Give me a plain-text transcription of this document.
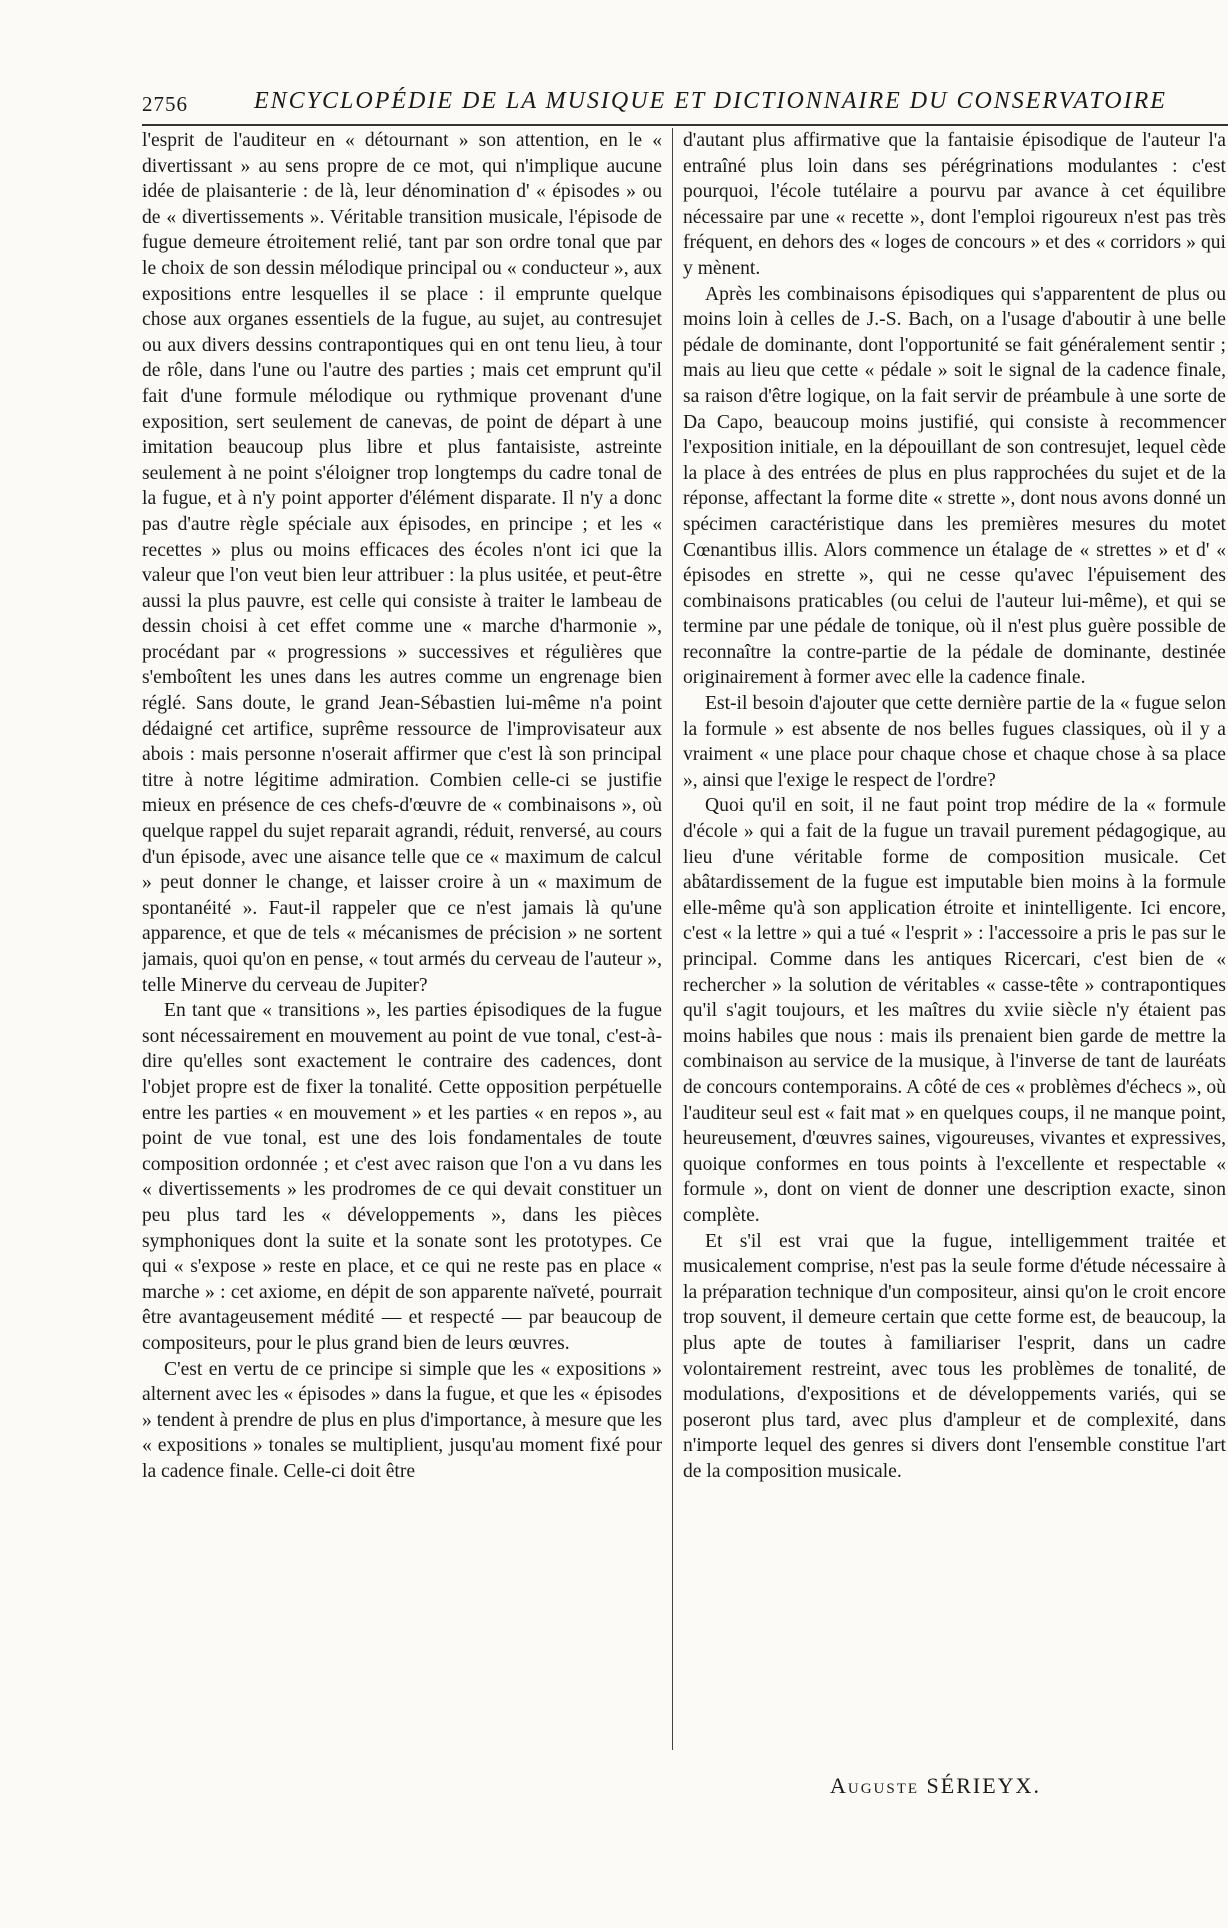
2756	ENCYCLOPÉDIE DE LA MUSIQUE ET DICTIONNAIRE DU CONSERVATOIRE

l'esprit de l'auditeur en « détournant » son attention, en le « divertissant » au sens propre de ce mot, qui n'implique aucune idée de plaisanterie : de là, leur dénomination d' « épisodes » ou de « divertissements ». Véritable transition musicale, l'épisode de fugue demeure étroitement relié, tant par son ordre tonal que par le choix de son dessin mélodique principal ou « conducteur », aux expositions entre lesquelles il se place : il emprunte quelque chose aux organes essentiels de la fugue, au sujet, au contresujet ou aux divers dessins contrapontiques qui en ont tenu lieu, à tour de rôle, dans l'une ou l'autre des parties ; mais cet emprunt qu'il fait d'une formule mélodique ou rythmique provenant d'une exposition, sert seulement de canevas, de point de départ à une imitation beaucoup plus libre et plus fantaisiste, astreinte seulement à ne point s'éloigner trop longtemps du cadre tonal de la fugue, et à n'y point apporter d'élément disparate. Il n'y a donc pas d'autre règle spéciale aux épisodes, en principe ; et les « recettes » plus ou moins efficaces des écoles n'ont ici que la valeur que l'on veut bien leur attribuer : la plus usitée, et peut-être aussi la plus pauvre, est celle qui consiste à traiter le lambeau de dessin choisi à cet effet comme une « marche d'harmonie », procédant par « progressions » successives et régulières que s'emboîtent les unes dans les autres comme un engrenage bien réglé. Sans doute, le grand Jean-Sébastien lui-même n'a point dédaigné cet artifice, suprême ressource de l'improvisateur aux abois : mais personne n'oserait affirmer que c'est là son principal titre à notre légitime admiration. Combien celle-ci se justifie mieux en présence de ces chefs-d'œuvre de « combinaisons », où quelque rappel du sujet reparait agrandi, réduit, renversé, au cours d'un épisode, avec une aisance telle que ce « maximum de calcul » peut donner le change, et laisser croire à un « maximum de spontanéité ». Faut-il rappeler que ce n'est jamais là qu'une apparence, et que de tels « mécanismes de précision » ne sortent jamais, quoi qu'on en pense, « tout armés du cerveau de l'auteur », telle Minerve du cerveau de Jupiter?

En tant que « transitions », les parties épisodiques de la fugue sont nécessairement en mouvement au point de vue tonal, c'est-à-dire qu'elles sont exactement le contraire des cadences, dont l'objet propre est de fixer la tonalité. Cette opposition perpétuelle entre les parties « en mouvement » et les parties « en repos », au point de vue tonal, est une des lois fondamentales de toute composition ordonnée ; et c'est avec raison que l'on a vu dans les « divertissements » les prodromes de ce qui devait constituer un peu plus tard les « développements », dans les pièces symphoniques dont la suite et la sonate sont les prototypes. Ce qui « s'expose » reste en place, et ce qui ne reste pas en place « marche » : cet axiome, en dépit de son apparente naïveté, pourrait être avantageusement médité — et respecté — par beaucoup de compositeurs, pour le plus grand bien de leurs œuvres.

C'est en vertu de ce principe si simple que les « expositions » alternent avec les « épisodes » dans la fugue, et que les « épisodes » tendent à prendre de plus en plus d'importance, à mesure que les « expositions » tonales se multiplient, jusqu'au moment fixé pour la cadence finale. Celle-ci doit être

d'autant plus affirmative que la fantaisie épisodique de l'auteur l'a entraîné plus loin dans ses pérégrinations modulantes : c'est pourquoi, l'école tutélaire a pourvu par avance à cet équilibre nécessaire par une « recette », dont l'emploi rigoureux n'est pas très fréquent, en dehors des « loges de concours » et des « corridors » qui y mènent.

Après les combinaisons épisodiques qui s'apparentent de plus ou moins loin à celles de J.-S. Bach, on a l'usage d'aboutir à une belle pédale de dominante, dont l'opportunité se fait généralement sentir ; mais au lieu que cette « pédale » soit le signal de la cadence finale, sa raison d'être logique, on la fait servir de préambule à une sorte de Da Capo, beaucoup moins justifié, qui consiste à recommencer l'exposition initiale, en la dépouillant de son contresujet, lequel cède la place à des entrées de plus en plus rapprochées du sujet et de la réponse, affectant la forme dite « strette », dont nous avons donné un spécimen caractéristique dans les premières mesures du motet Cœnantibus illis. Alors commence un étalage de « strettes » et d' « épisodes en strette », qui ne cesse qu'avec l'épuisement des combinaisons praticables (ou celui de l'auteur lui-même), et qui se termine par une pédale de tonique, où il n'est plus guère possible de reconnaître la contre-partie de la pédale de dominante, destinée originairement à former avec elle la cadence finale.

Est-il besoin d'ajouter que cette dernière partie de la « fugue selon la formule » est absente de nos belles fugues classiques, où il y a vraiment « une place pour chaque chose et chaque chose à sa place », ainsi que l'exige le respect de l'ordre?

Quoi qu'il en soit, il ne faut point trop médire de la « formule d'école » qui a fait de la fugue un travail purement pédagogique, au lieu d'une véritable forme de composition musicale. Cet abâtardissement de la fugue est imputable bien moins à la formule elle-même qu'à son application étroite et inintelligente. Ici encore, c'est « la lettre » qui a tué « l'esprit » : l'accessoire a pris le pas sur le principal. Comme dans les antiques Ricercari, c'est bien de « rechercher » la solution de véritables « casse-tête » contrapontiques qu'il s'agit toujours, et les maîtres du xviie siècle n'y étaient pas moins habiles que nous : mais ils prenaient bien garde de mettre la combinaison au service de la musique, à l'inverse de tant de lauréats de concours contemporains. A côté de ces « problèmes d'échecs », où l'auditeur seul est « fait mat » en quelques coups, il ne manque point, heureusement, d'œuvres saines, vigoureuses, vivantes et expressives, quoique conformes en tous points à l'excellente et respectable « formule », dont on vient de donner une description exacte, sinon complète.

Et s'il est vrai que la fugue, intelligemment traitée et musicalement comprise, n'est pas la seule forme d'étude nécessaire à la préparation technique d'un compositeur, ainsi qu'on le croit encore trop souvent, il demeure certain que cette forme est, de beaucoup, la plus apte de toutes à familiariser l'esprit, dans un cadre volontairement restreint, avec tous les problèmes de tonalité, de modulations, d'expositions et de développements variés, qui se poseront plus tard, avec plus d'ampleur et de complexité, dans n'importe lequel des genres si divers dont l'ensemble constitue l'art de la composition musicale.

Auguste SÉRIEYX.
